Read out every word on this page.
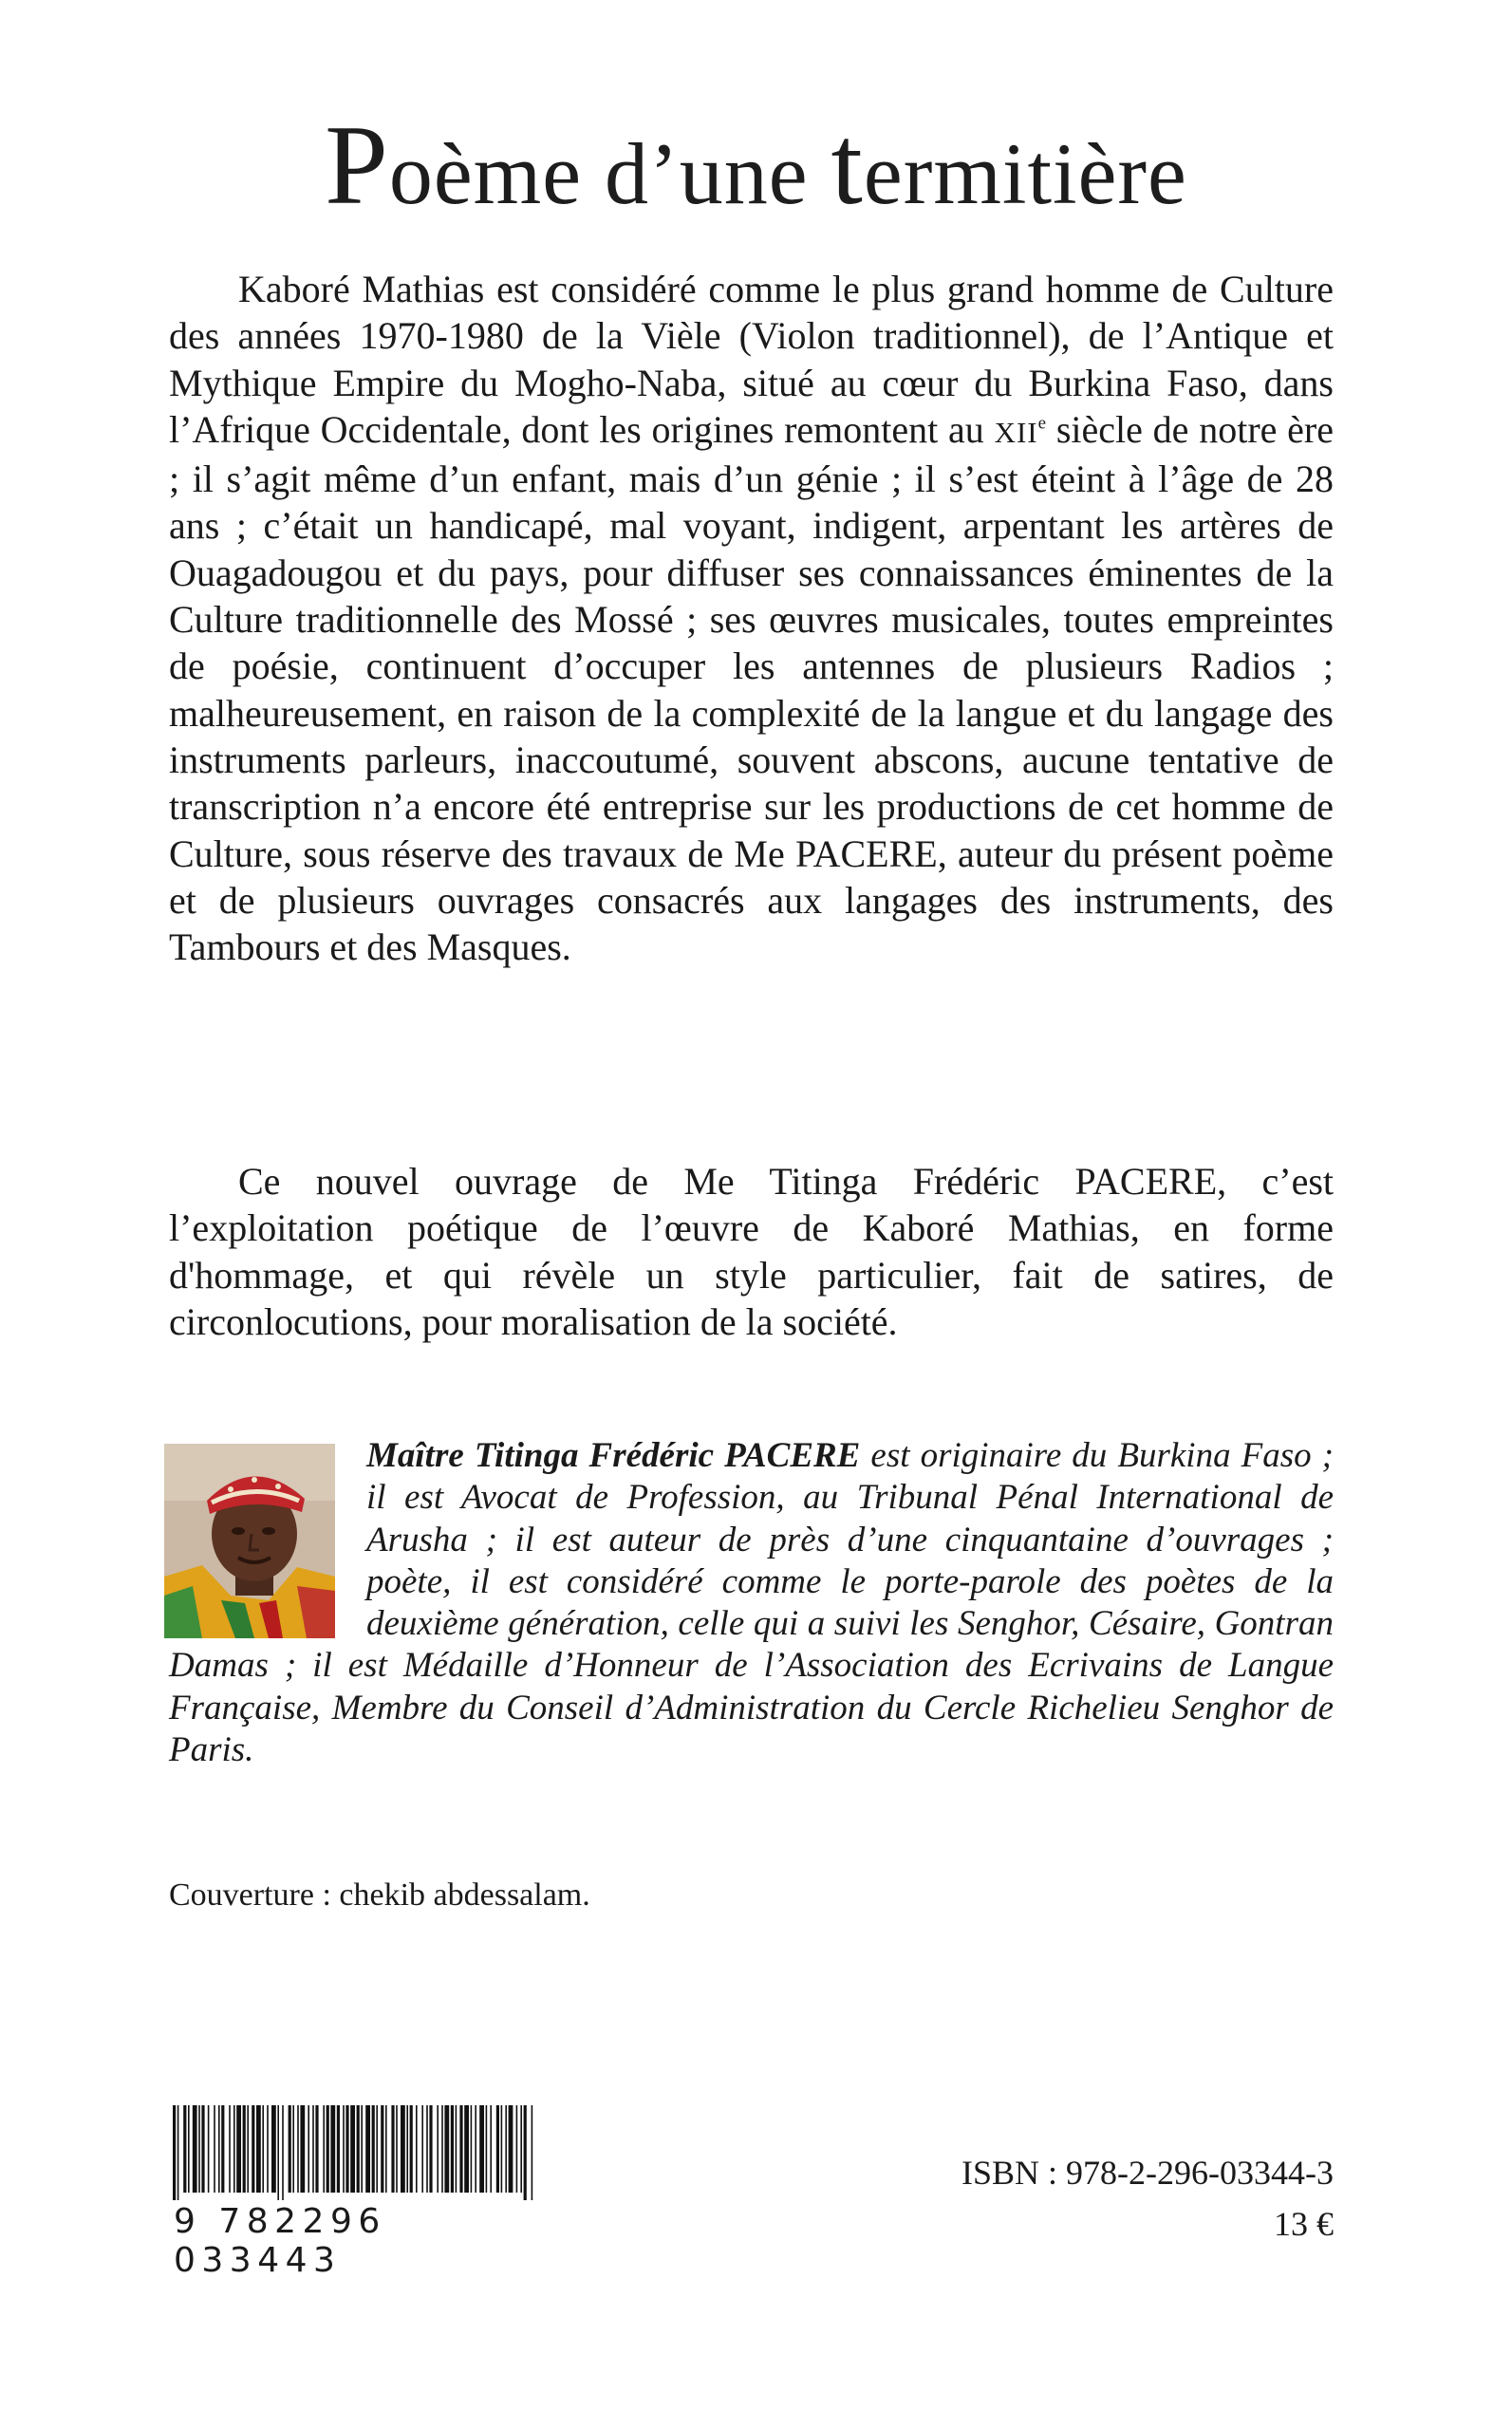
Poème d’une termitière

Kaboré Mathias est considéré comme le plus grand homme de Culture des années 1970-1980 de la Vièle (Violon traditionnel), de l’Antique et Mythique Empire du Mogho-Naba, situé au cœur du Burkina Faso, dans l’Afrique Occidentale, dont les origines remontent au XIIe siècle de notre ère ; il s’agit même d’un enfant, mais d’un génie ; il s’est éteint à l’âge de 28 ans ; c’était un handicapé, mal voyant, indigent, arpentant les artères de Ouagadougou et du pays, pour diffuser ses connaissances éminentes de la Culture traditionnelle des Mossé ; ses œuvres musicales, toutes empreintes de poésie, continuent d’occuper les antennes de plusieurs Radios ; malheureusement, en raison de la complexité de la langue et du langage des instruments parleurs, inaccoutumé, souvent abscons, aucune tentative de transcription n’a encore été entreprise sur les productions de cet homme de Culture, sous réserve des travaux de Me PACERE, auteur du présent poème et de plusieurs ouvrages consacrés aux langages des instruments, des Tambours et des Masques.

Ce nouvel ouvrage de Me Titinga Frédéric PACERE, c’est l’exploitation poétique de l’œuvre de Kaboré Mathias, en forme d'hommage, et qui révèle un style particulier, fait de satires, de circonlocutions, pour moralisation de la société.

Maître Titinga Frédéric PACERE est originaire du Burkina Faso ; il est Avocat de Profession, au Tribunal Pénal International de Arusha ; il est auteur de près d’une cinquantaine d’ouvrages ; poète, il est considéré comme le porte-parole des poètes de la deuxième génération, celle qui a suivi les Senghor, Césaire, Gontran Damas ; il est Médaille d’Honneur de l’Association des Ecrivains de Langue Française, Membre du Conseil d’Administration du Cercle Richelieu Senghor de Paris.

Couverture : chekib abdessalam.
9 782296 033443
ISBN : 978-2-296-03344-3
13 €
